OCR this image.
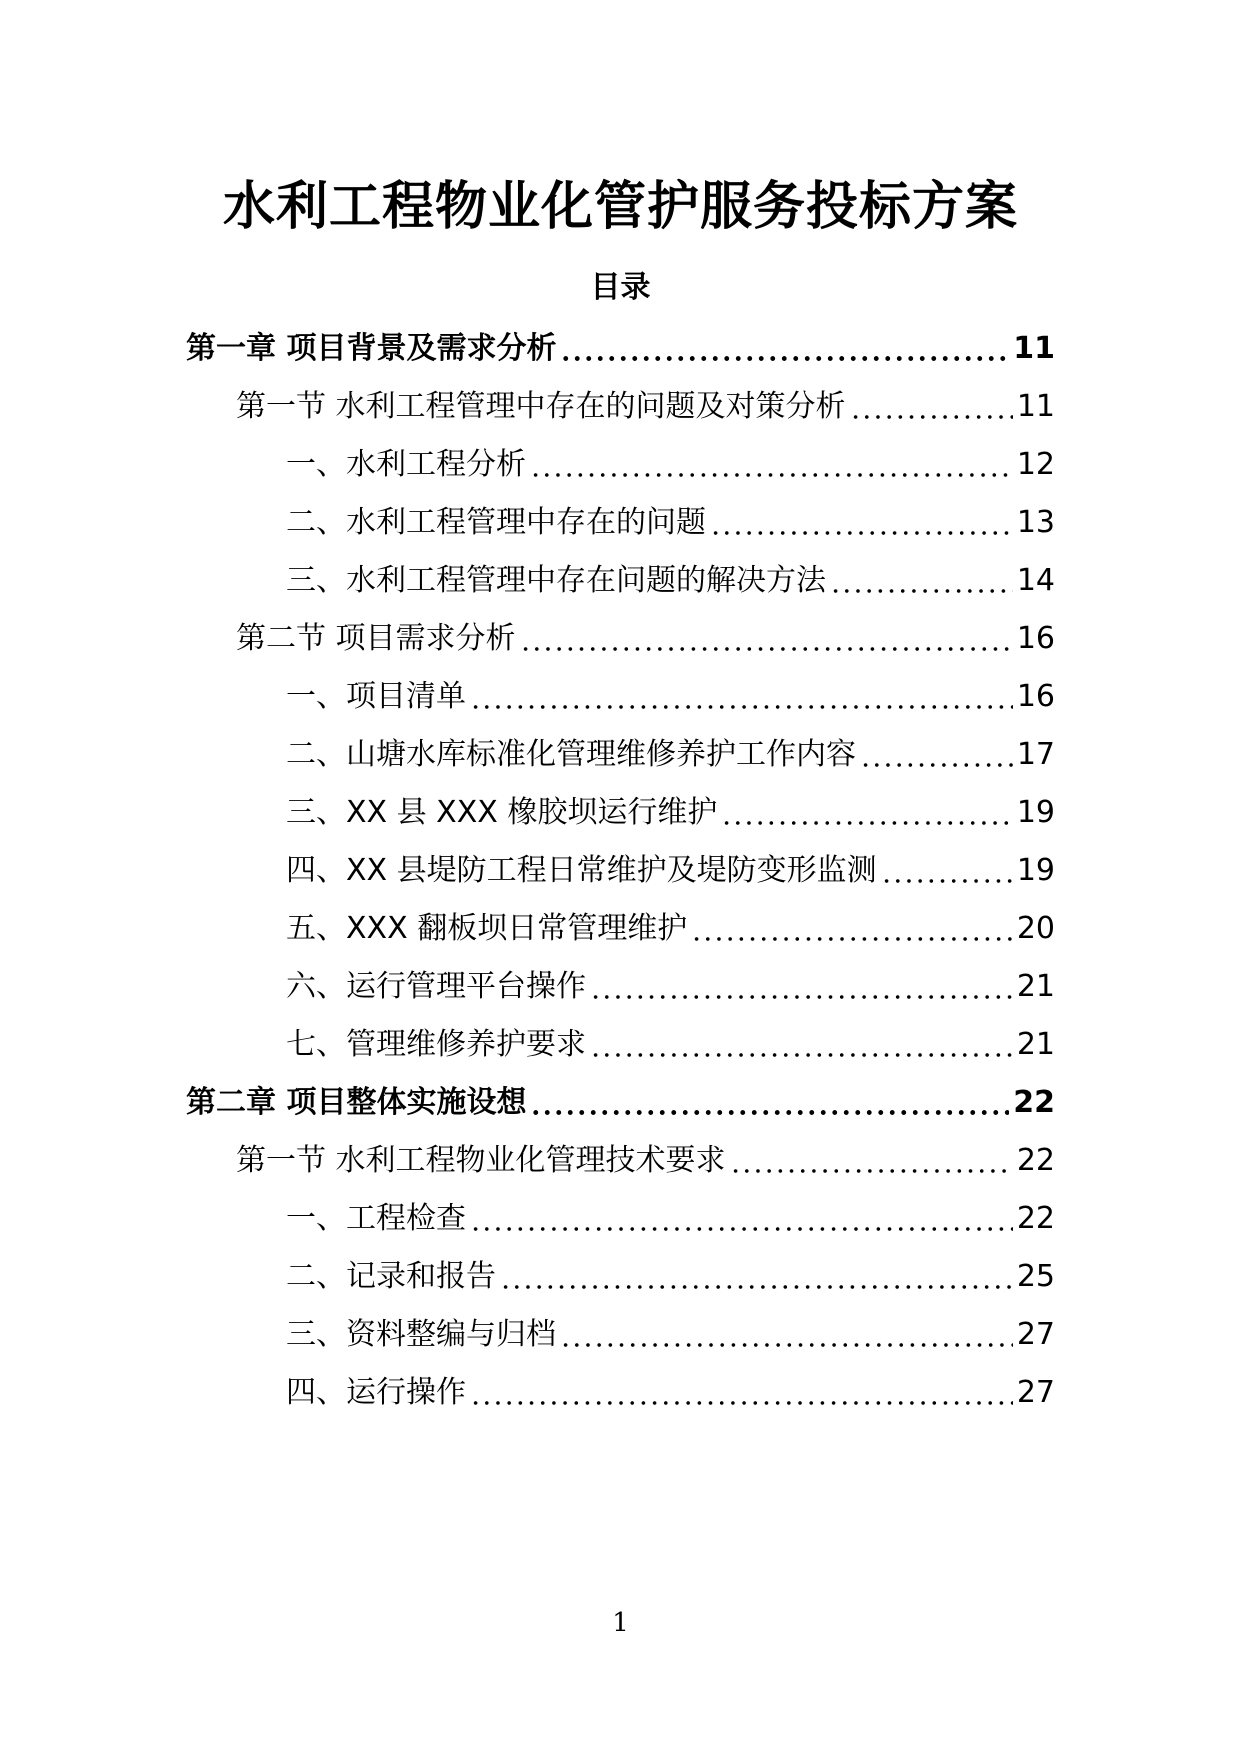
水利工程物业化管护服务投标方案
目录
第一章 项目背景及需求分析	11
第一节 水利工程管理中存在的问题及对策分析	11
一、水利工程分析	12
二、水利工程管理中存在的问题	13
三、水利工程管理中存在问题的解决方法	14
第二节 项目需求分析	16
一、项目清单	16
二、山塘水库标准化管理维修养护工作内容	17
三、XX 县 XXX 橡胶坝运行维护	19
四、XX 县堤防工程日常维护及堤防变形监测	19
五、XXX 翻板坝日常管理维护	20
六、运行管理平台操作	21
七、管理维修养护要求	21
第二章 项目整体实施设想	22
第一节 水利工程物业化管理技术要求	22
一、工程检查	22
二、记录和报告	25
三、资料整编与归档	27
四、运行操作	27
1
